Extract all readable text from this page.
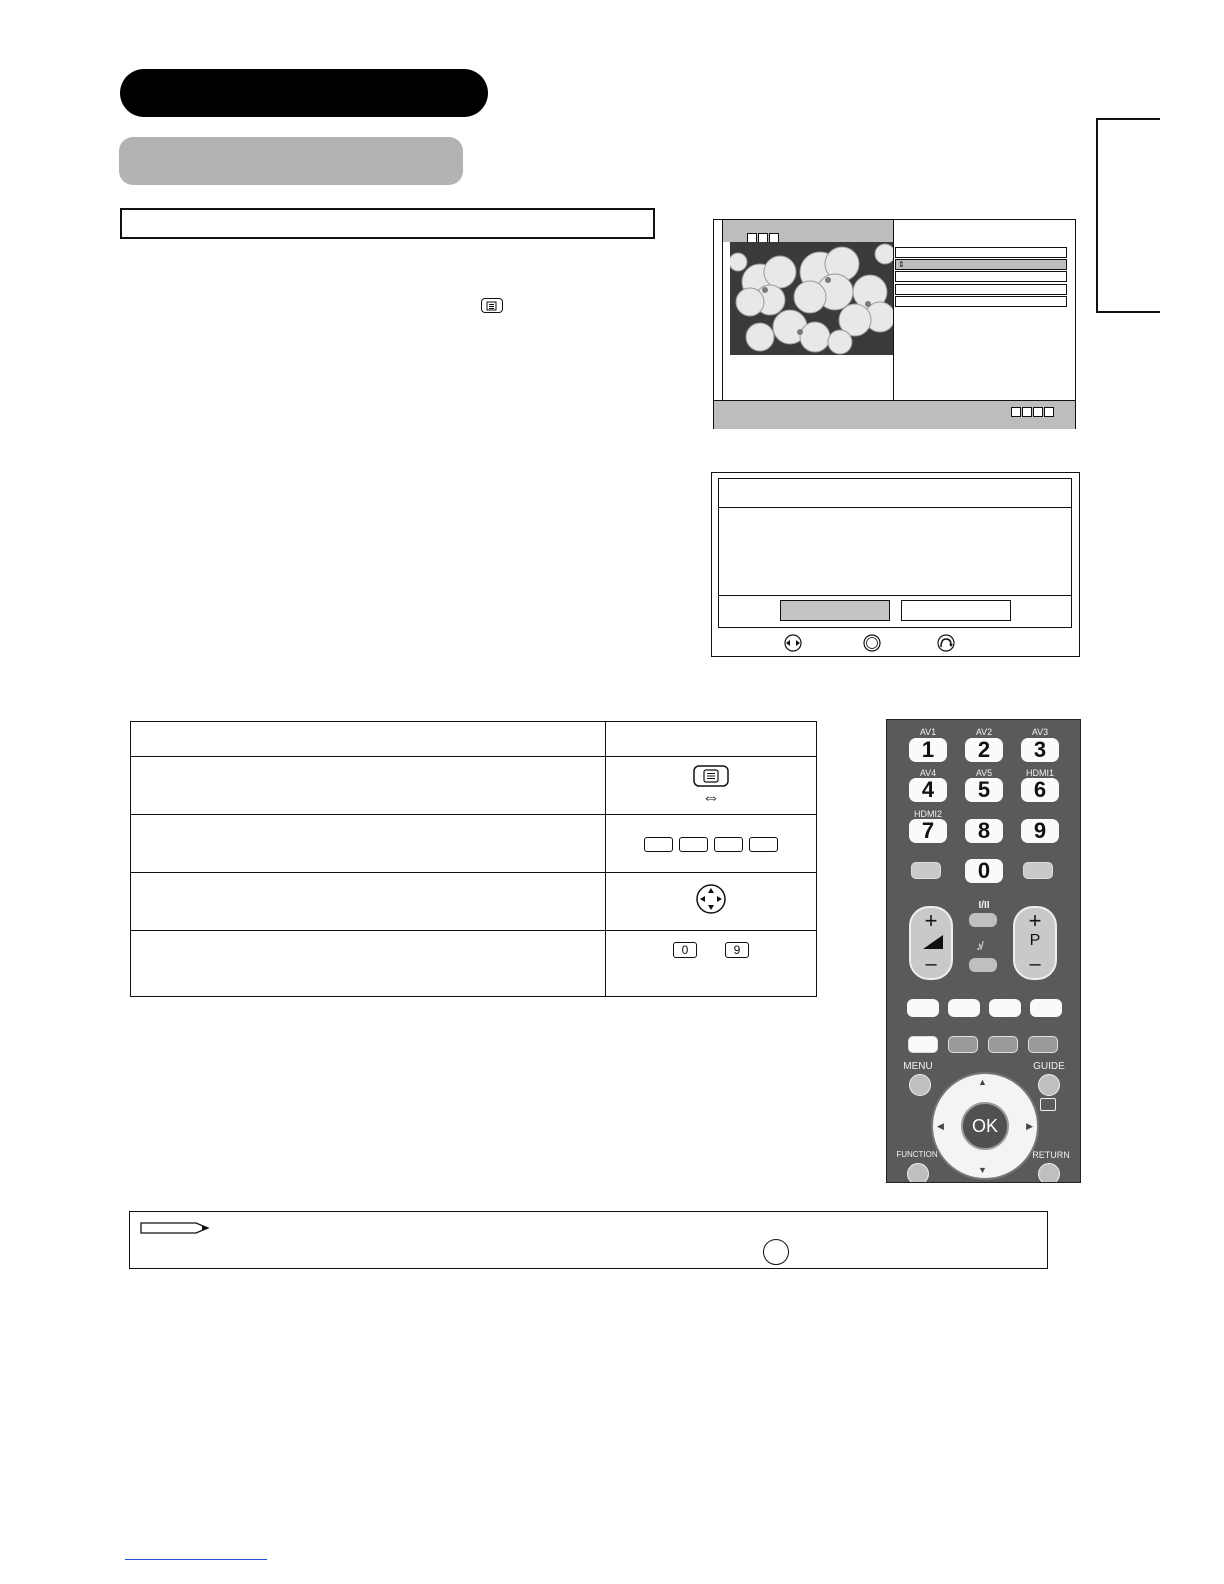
⇕

	⇔

	0 9
AV1	AV2	AV3
1	2	3
AV4	AV5	HDMI1
4	5	6
HDMI2
7	8	9
0
+
–
I/II
♪̸
+
P
–
MENU	GUIDE
▲
▼
◀	▶
OK
FUNCTION	RETURN
